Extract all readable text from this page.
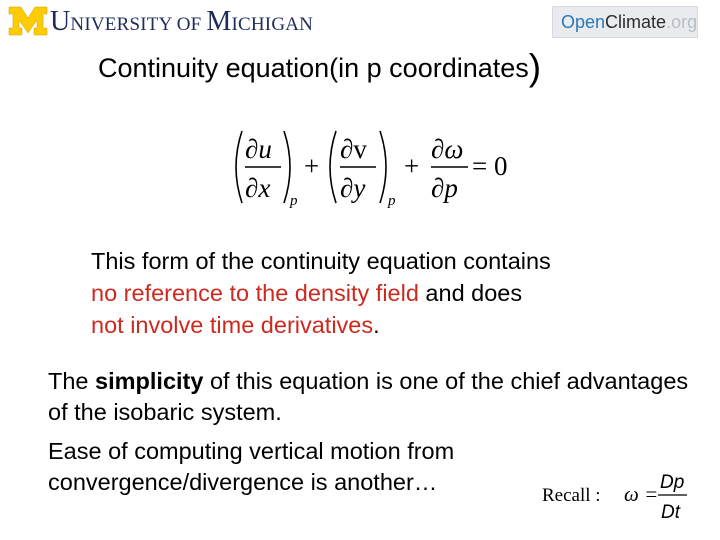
UNIVERSITY OF MICHIGAN	OpenClimate.org
Continuity equation(in p coordinates)
∂u
∂x p
+
∂v
∂y p
+
∂ω
∂p
= 0
This form of the continuity equation contains
no reference to the density field and does
not involve time derivatives.

The simplicity of this equation is one of the chief advantages of the isobaric system.

Ease of computing vertical motion from convergence/divergence is another…

Recall : ω = Dp
Dt
